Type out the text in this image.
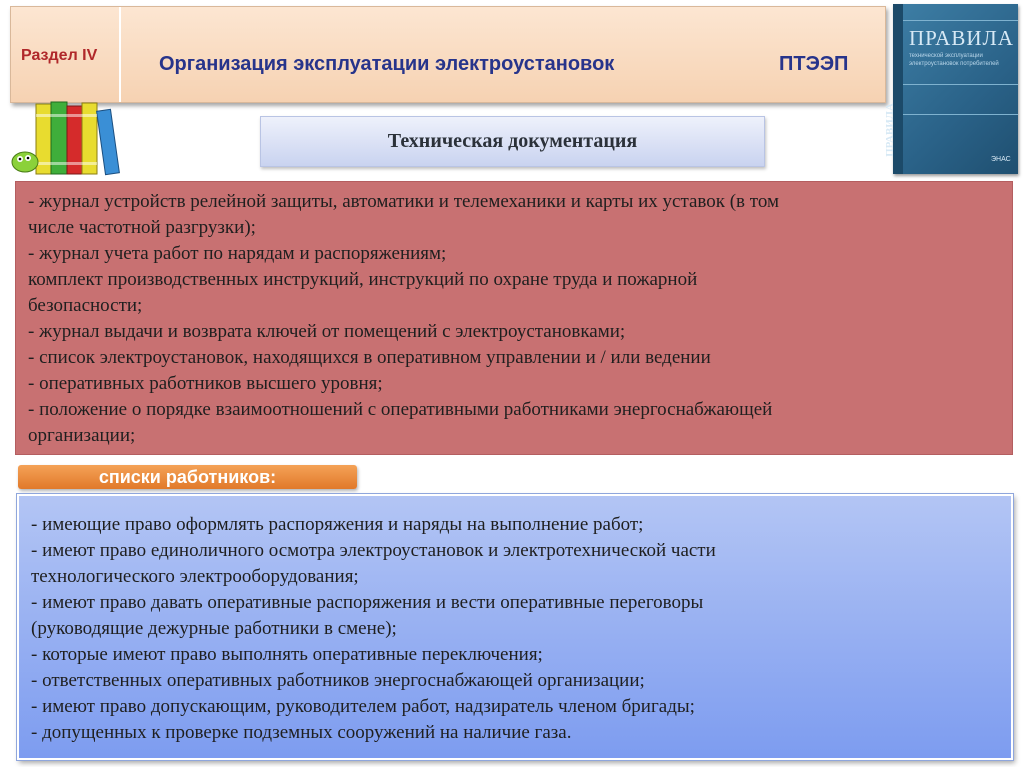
Раздел IV	Организация эксплуатации электроустановок	ПТЭЭП
ПРАВИЛА
ПРАВИЛА
технической эксплуатации электроустановок потребителей
ЭНАС
Техническая документация
- журнал устройств релейной защиты, автоматики и телемеханики и карты их уставок (в том
числе частотной разгрузки);
- журнал учета работ по нарядам и распоряжениям;
комплект производственных инструкций, инструкций по охране труда и пожарной
безопасности;
- журнал выдачи и возврата ключей от помещений с электроустановками;
- список электроустановок, находящихся в оперативном управлении и / или ведении
- оперативных работников высшего уровня;
- положение о порядке взаимоотношений с оперативными работниками энергоснабжающей
организации;
списки работников:
- имеющие право оформлять распоряжения и наряды на выполнение работ;
- имеют право единоличного осмотра электроустановок и электротехнической части
технологического электрооборудования;
- имеют право давать оперативные распоряжения и вести оперативные переговоры
(руководящие дежурные работники в смене);
- которые имеют право выполнять оперативные переключения;
- ответственных оперативных работников энергоснабжающей организации;
- имеют право допускающим, руководителем работ, надзиратель членом бригады;
- допущенных к проверке подземных сооружений на наличие газа.
